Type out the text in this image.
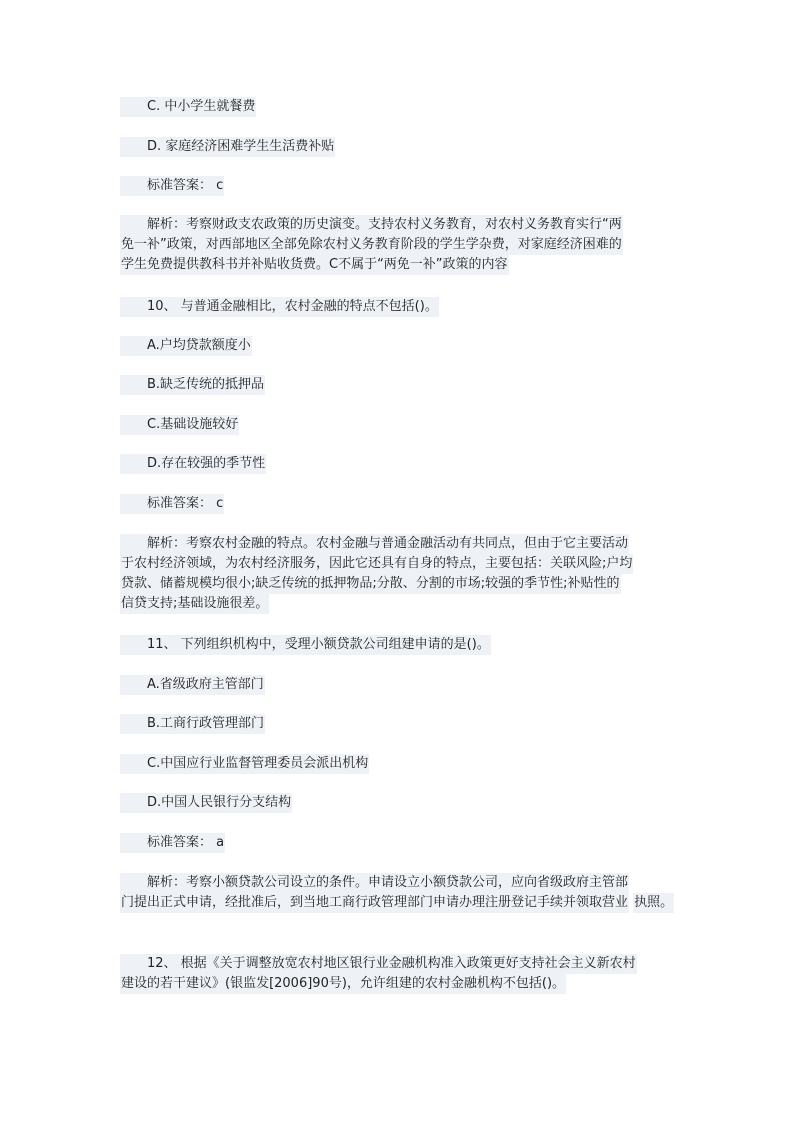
　　C. 中小学生就餐费

　　D. 家庭经济困难学生生活费补贴

　　标准答案： c

　　解析：考察财政支农政策的历史演变。支持农村义务教育，对农村义务教育实行“两 免一补”政策，对西部地区全部免除农村义务教育阶段的学生学杂费，对家庭经济困难的 学生免费提供教科书并补贴收货费。C不属于“两免一补”政策的内容

　　10、 与普通金融相比，农村金融的特点不包括()。

　　A.户均贷款额度小

　　B.缺乏传统的抵押品

　　C.基础设施较好

　　D.存在较强的季节性

　　标准答案： c

　　解析：考察农村金融的特点。农村金融与普通金融活动有共同点，但由于它主要活动 于农村经济领域，为农村经济服务，因此它还具有自身的特点，主要包括：关联风险;户均 贷款、储蓄规模均很小;缺乏传统的抵押物品;分散、分割的市场;较强的季节性;补贴性的 信贷支持;基础设施很差。

　　11、 下列组织机构中，受理小额贷款公司组建申请的是()。

　　A.省级政府主管部门

　　B.工商行政管理部门

　　C.中国应行业监督管理委员会派出机构

　　D.中国人民银行分支结构

　　标准答案： a

　　解析：考察小额贷款公司设立的条件。申请设立小额贷款公司，应向省级政府主管部 门提出正式申请，经批准后，到当地工商行政管理部门申请办理注册登记手续并领取营业 执照。

　　12、 根据《关于调整放宽农村地区银行业金融机构准入政策更好支持社会主义新农村 建设的若干建议》(银监发[2006]90号)，允许组建的农村金融机构不包括()。
